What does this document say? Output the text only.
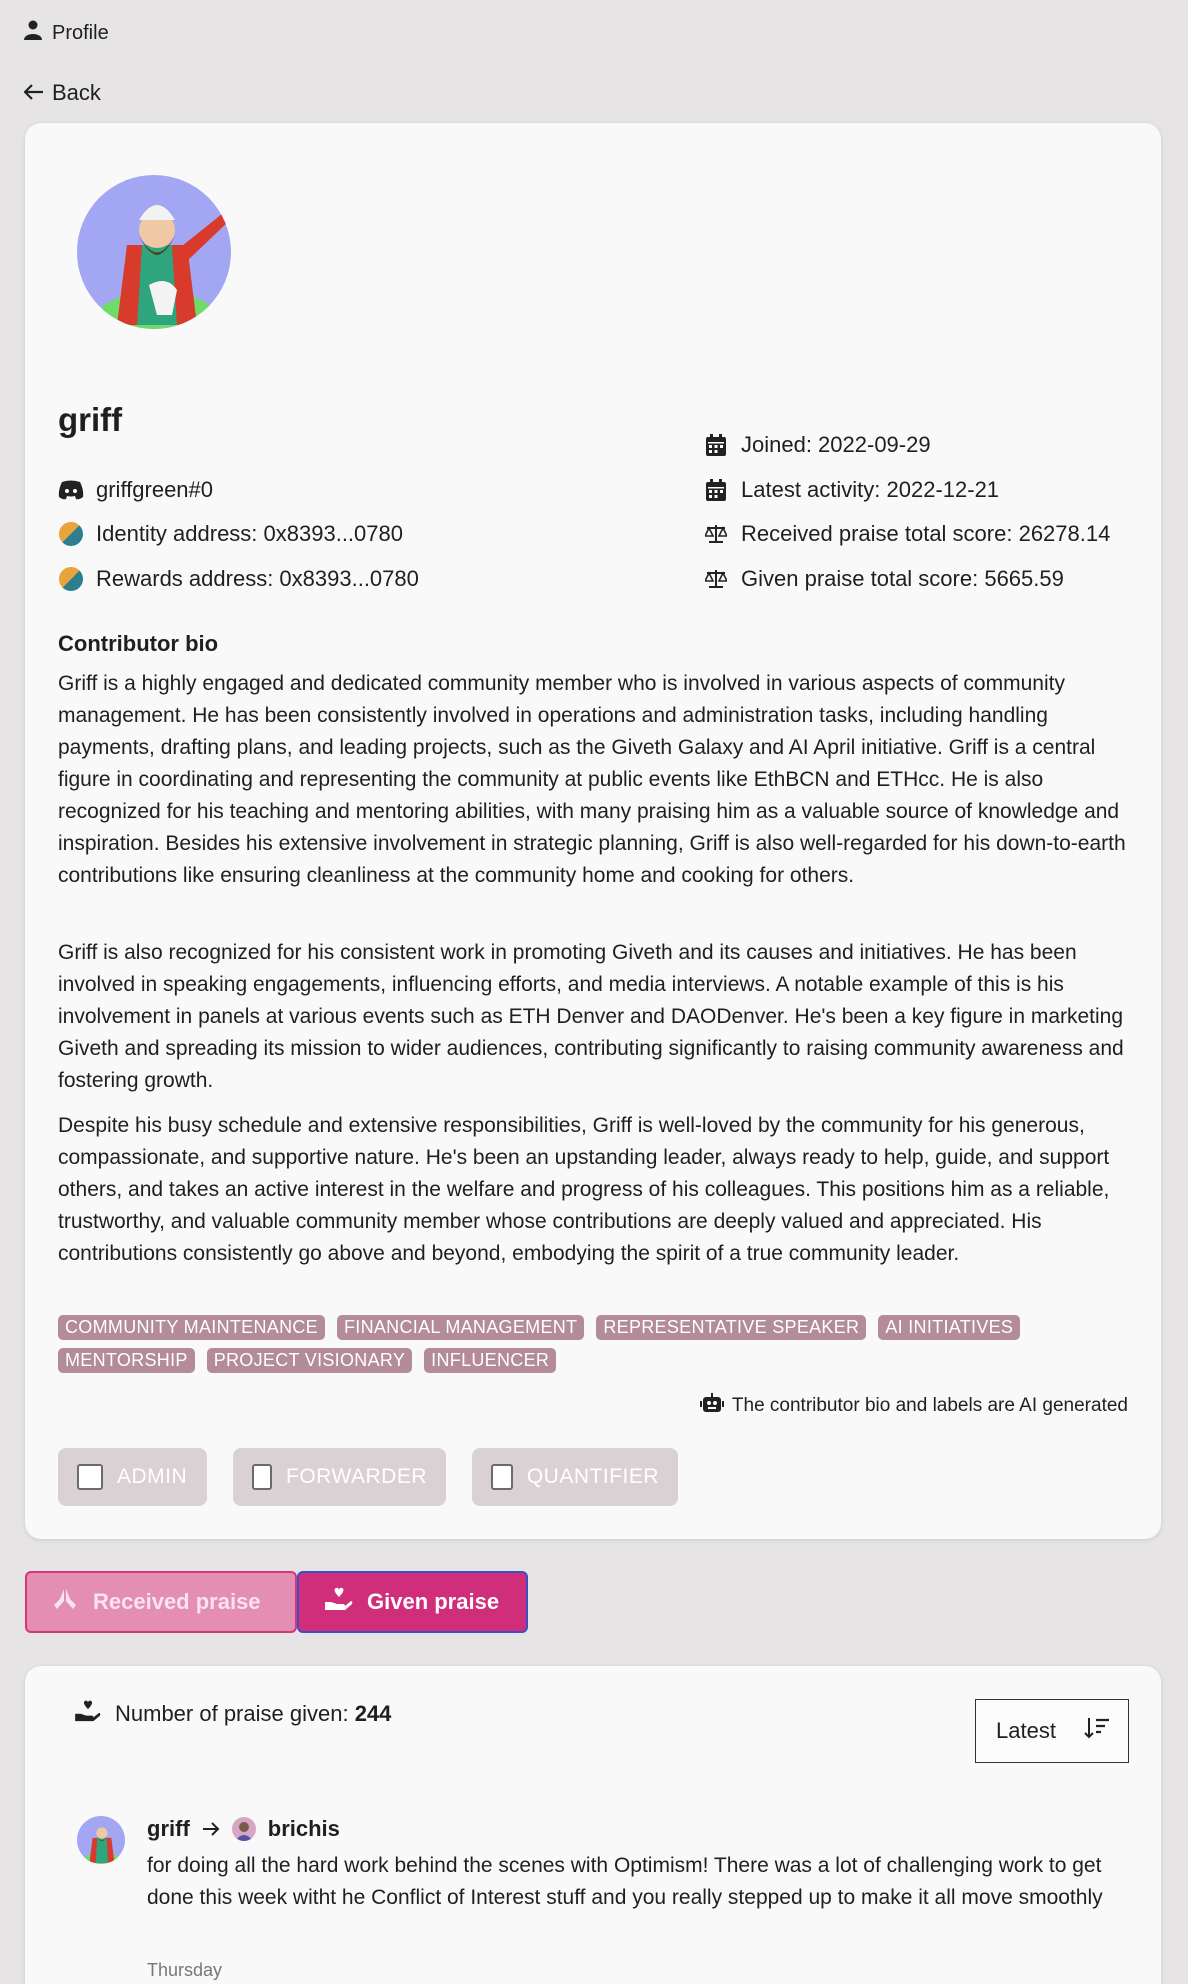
Profile
Back
griff
griffgreen#0
Identity address: 0x8393...0780
Rewards address: 0x8393...0780
Joined: 2022-09-29
Latest activity: 2022-12-21
Received praise total score: 26278.14
Given praise total score: 5665.59
Contributor bio

Griff is a highly engaged and dedicated community member who is involved in various aspects of community management. He has been consistently involved in operations and administration tasks, including handling payments, drafting plans, and leading projects, such as the Giveth Galaxy and AI April initiative. Griff is a central figure in coordinating and representing the community at public events like EthBCN and ETHcc. He is also recognized for his teaching and mentoring abilities, with many praising him as a valuable source of knowledge and inspiration. Besides his extensive involvement in strategic planning, Griff is also well-regarded for his down-to-earth contributions like ensuring cleanliness at the community home and cooking for others.

Griff is also recognized for his consistent work in promoting Giveth and its causes and initiatives. He has been involved in speaking engagements, influencing efforts, and media interviews. A notable example of this is his involvement in panels at various events such as ETH Denver and DAODenver. He's been a key figure in marketing Giveth and spreading its mission to wider audiences, contributing significantly to raising community awareness and fostering growth.

Despite his busy schedule and extensive responsibilities, Griff is well-loved by the community for his generous, compassionate, and supportive nature. He's been an upstanding leader, always ready to help, guide, and support others, and takes an active interest in the welfare and progress of his colleagues. This positions him as a reliable, trustworthy, and valuable community member whose contributions are deeply valued and appreciated. His contributions consistently go above and beyond, embodying the spirit of a true community leader.

COMMUNITY MAINTENANCE	FINANCIAL MANAGEMENT	REPRESENTATIVE SPEAKER	AI INITIATIVES
MENTORSHIP	PROJECT VISIONARY	INFLUENCER
The contributor bio and labels are AI generated
ADMIN	FORWARDER	QUANTIFIER
Received praise	Given praise
Number of praise given: 244
Latest
griff	brichis

for doing all the hard work behind the scenes with Optimism! There was a lot of challenging work to get done this week witht he Conflict of Interest stuff and you really stepped up to make it all move smoothly

Thursday
